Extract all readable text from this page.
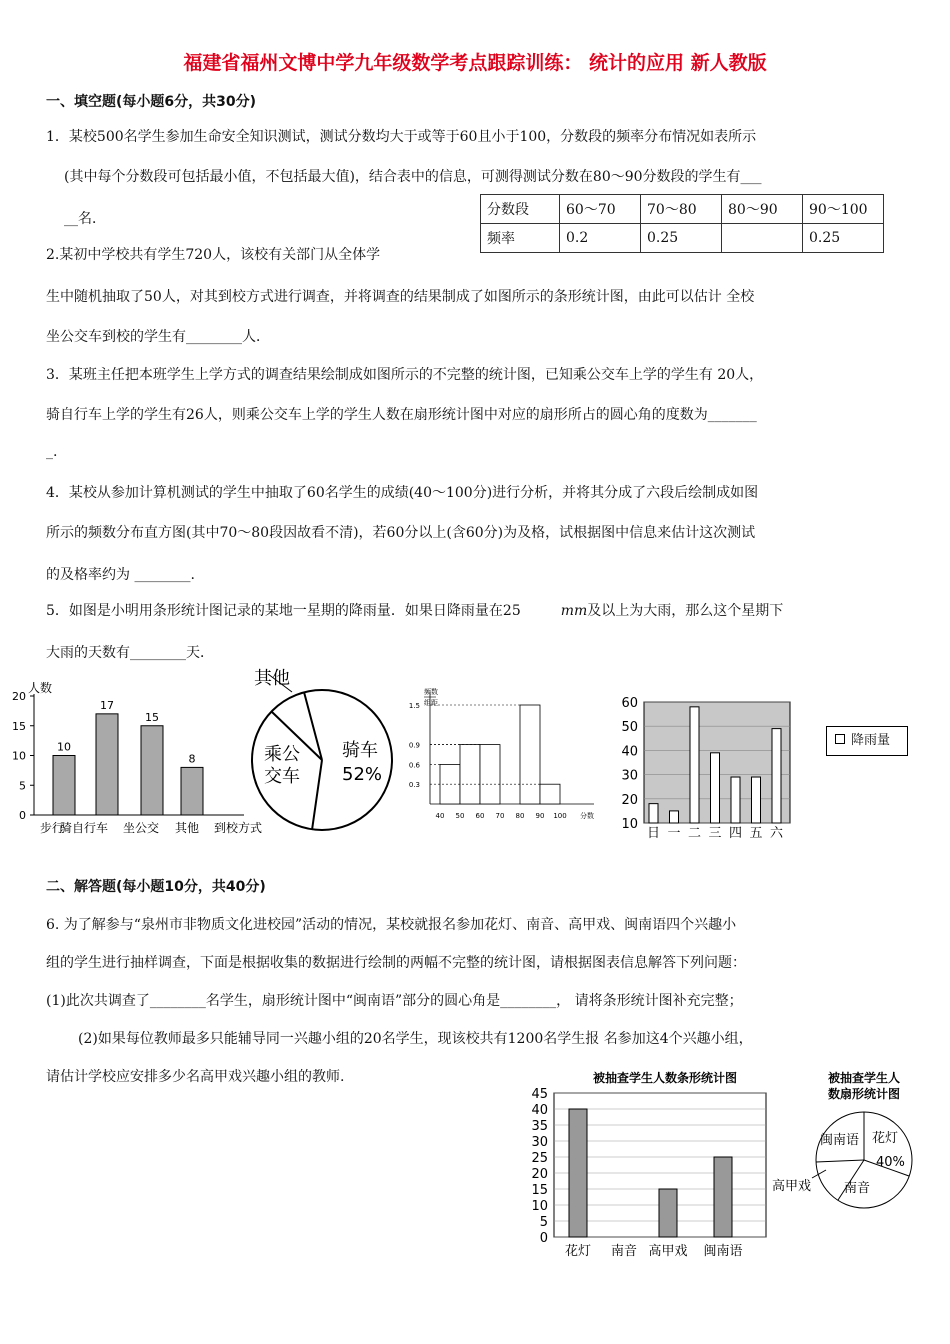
福建省福州文博中学九年级数学考点跟踪训练： 统计的应用 新人教版
一、填空题(每小题6分，共30分)
1．某校500名学生参加生命安全知识测试，测试分数均大于或等于60且小于100，分数段的频率分布情况如表所示
(其中每个分数段可包括最小值，不包括最大值)，结合表中的信息，可测得测试分数在80～90分数段的学生有___
__名．
分数段	60～70	70～80	80～90	90～100
频率	0.2	0.25		0.25
2.某初中学校共有学生720人，该校有关部门从全体学
生中随机抽取了50人，对其到校方式进行调查，并将调查的结果制成了如图所示的条形统计图，由此可以估计 全校
坐公交车到校的学生有________人．
3．某班主任把本班学生上学方式的调查结果绘制成如图所示的不完整的统计图，已知乘公交车上学的学生有 20人，
骑自行车上学的学生有26人，则乘公交车上学的学生人数在扇形统计图中对应的扇形所占的圆心角的度数为_______
_.
4．某校从参加计算机测试的学生中抽取了60名学生的成绩(40～100分)进行分析，并将其分成了六段后绘制成如图
所示的频数分布直方图(其中70～80段因故看不清)，若60分以上(含60分)为及格，试根据图中信息来估计这次测试
的及格率约为 ________.
5．如图是小明用条形统计图记录的某地一星期的降雨量．如果日降雨量在25	mm及以上为大雨，那么这个星期下
大雨的天数有________天．
人数
0
5
10
15
20
10
17
15
8
步行
骑自行车 坐公交 其他 到校方式
其他
骑车
52%
乘公
交车
频数
组距
0.3
0.6
0.9
1.5
40 50 60 70 80 90 100 分数
10
20
30
40
50
60
日 一 二 三 四 五 六
降雨量
二、解答题(每小题10分，共40分)
6. 为了解参与“泉州市非物质文化进校园”活动的情况，某校就报名参加花灯、南音、高甲戏、闽南语四个兴趣小
组的学生进行抽样调查，下面是根据收集的数据进行绘制的两幅不完整的统计图，请根据图表信息解答下列问题：
(1)此次共调查了________名学生，扇形统计图中“闽南语”部分的圆心角是________， 请将条形统计图补充完整；
(2)如果每位教师最多只能辅导同一兴趣小组的20名学生，现该校共有1200名学生报 名参加这4个兴趣小组，
请估计学校应安排多少名高甲戏兴趣小组的教师.	被抽查学生人数条形统计图
0
5
10
15
20
25
30
35
40
45
花灯 南音 高甲戏 闽南语
被抽查学生人
数扇形统计图
闽南语 花灯
40%
南音
高甲戏
